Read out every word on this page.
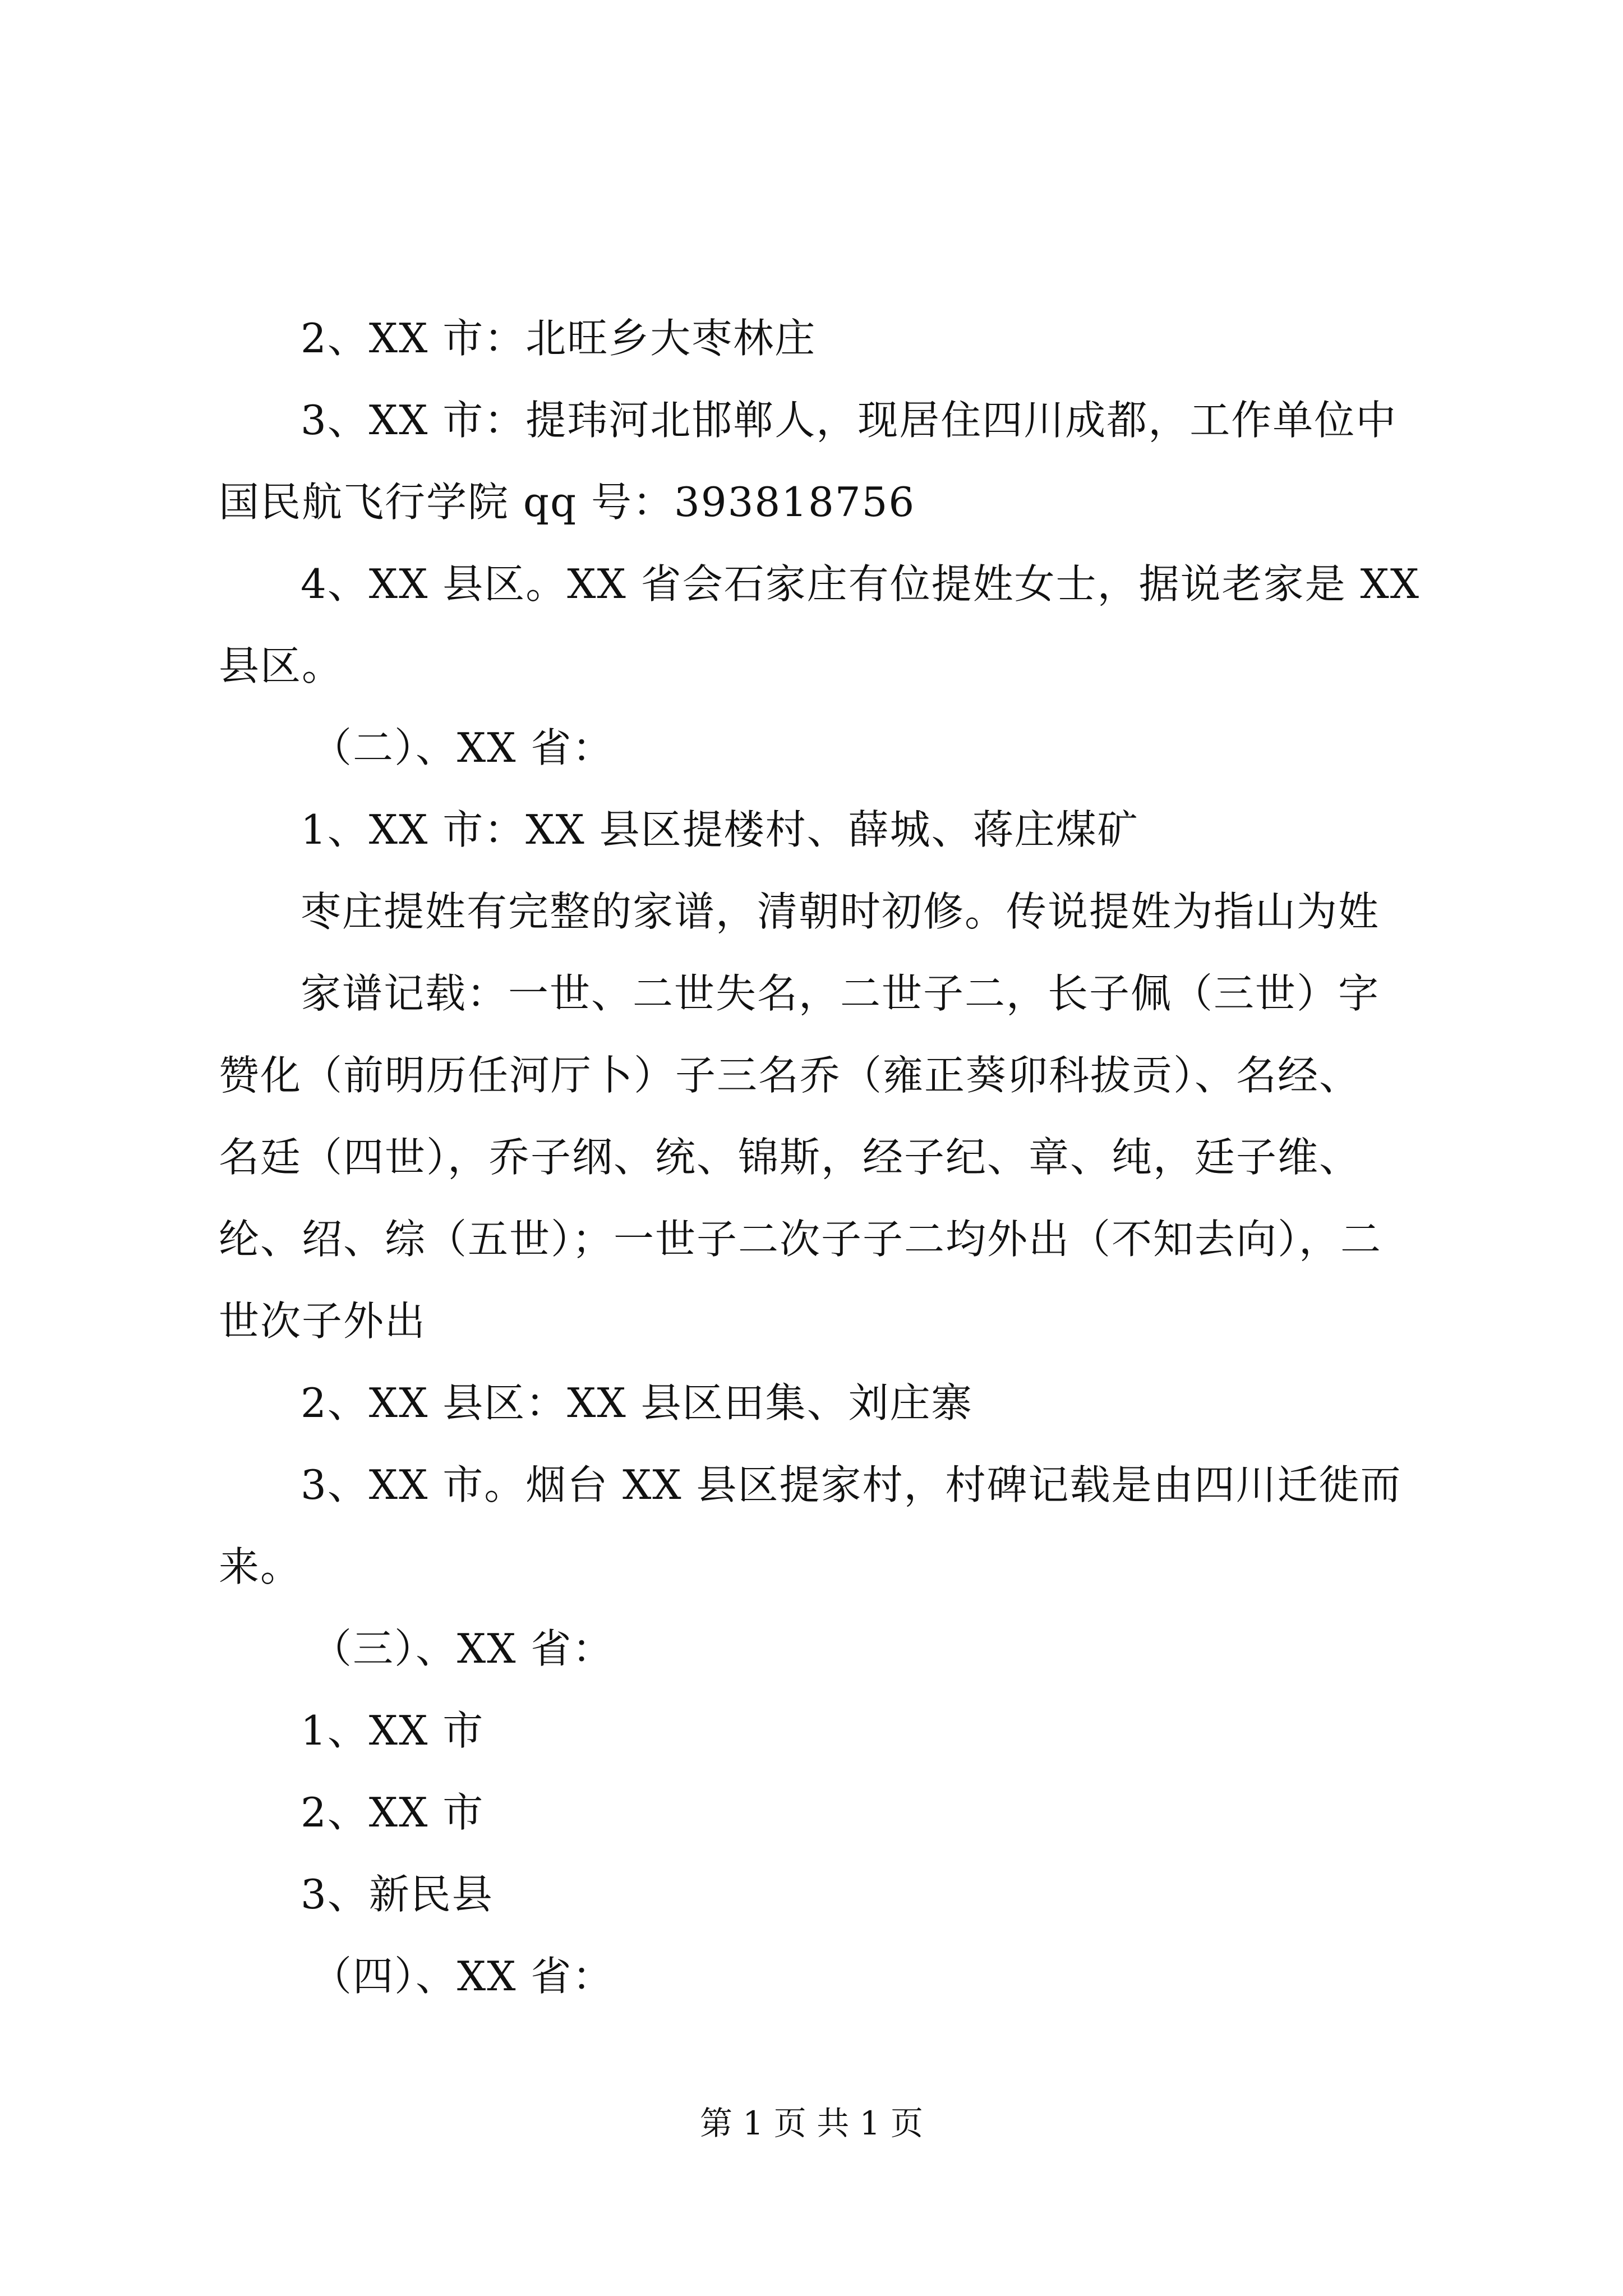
2、XX 市：北旺乡大枣林庄
3、XX 市：提玮河北邯郸人，现居住四川成都，工作单位中
国民航飞行学院 qq 号：393818756
4、XX 县区。XX 省会石家庄有位提姓女士，据说老家是 XX
县区。
（二）、XX 省：
1、XX 市：XX 县区提楼村、薛城、蒋庄煤矿
枣庄提姓有完整的家谱，清朝时初修。传说提姓为指山为姓
家谱记载：一世、二世失名，二世子二，长子佩（三世）字
赞化（前明历任河厅卜）子三名乔（雍正葵卯科拔贡）、名经、
名廷（四世），乔子纲、统、锦斯，经子纪、章、纯，廷子维、
纶、绍、综（五世）；一世子二次子子二均外出（不知去向），二
世次子外出
2、XX 县区：XX 县区田集、刘庄寨
3、XX 市。烟台 XX 县区提家村，村碑记载是由四川迁徙而
来。
（三）、XX 省：
1、XX 市
2、XX 市
3、新民县
（四）、XX 省：
第 1 页 共 1 页
